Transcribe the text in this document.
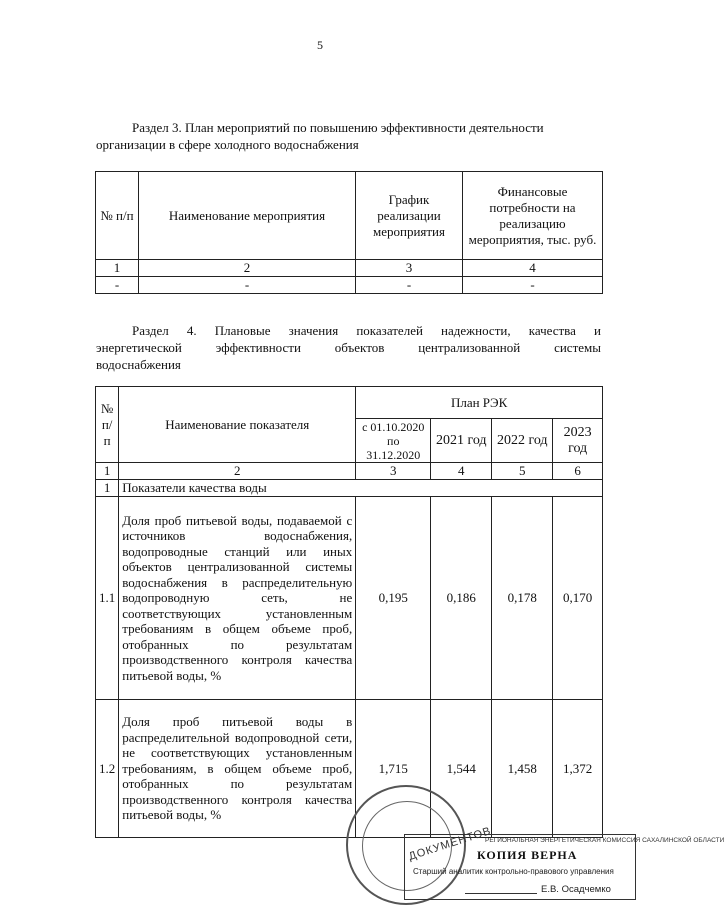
5
Раздел 3. План мероприятий по повышению эффективности деятельности организации в сфере холодного водоснабжения
№ п/п	Наименование мероприятия	График реализации мероприятия	Финансовые потребности на реализацию мероприятия, тыс. руб.
1	2	3	4
-	-	-	-
Раздел 4. Плановые значения показателей надежности, качества и
энергетической эффективности объектов централизованной системы
водоснабжения
№ п/п	Наименование показателя	План РЭК			
		с 01.10.2020 по 31.12.2020	2021 год	2022 год	2023 год
1	2	3	4	5	6
1	Показатели качества воды				
1.1	Доля проб питьевой воды, подаваемой с источников водоснабжения, водопроводные станций или иных объектов централизованной системы водоснабжения в распределительную водопроводную сеть, не соответствующих установленным требованиям в общем объеме проб, отобранных по результатам производственного контроля качества питьевой воды, %	0,195	0,186	0,178	0,170
1.2	Доля проб питьевой воды в распределительной водопроводной сети, не соответствующих установленным требованиям, в общем объеме проб, отобранных по результатам производственного контроля качества питьевой воды, %	1,715	1,544	1,458	1,372
ДОКУМЕНТОВ
РЕГИОНАЛЬНАЯ ЭНЕРГЕТИЧЕСКАЯ КОМИССИЯ САХАЛИНСКОЙ ОБЛАСТИ
КОПИЯ ВЕРНА
Старший аналитик контрольно-правового управления
Е.В. Осадчемко
